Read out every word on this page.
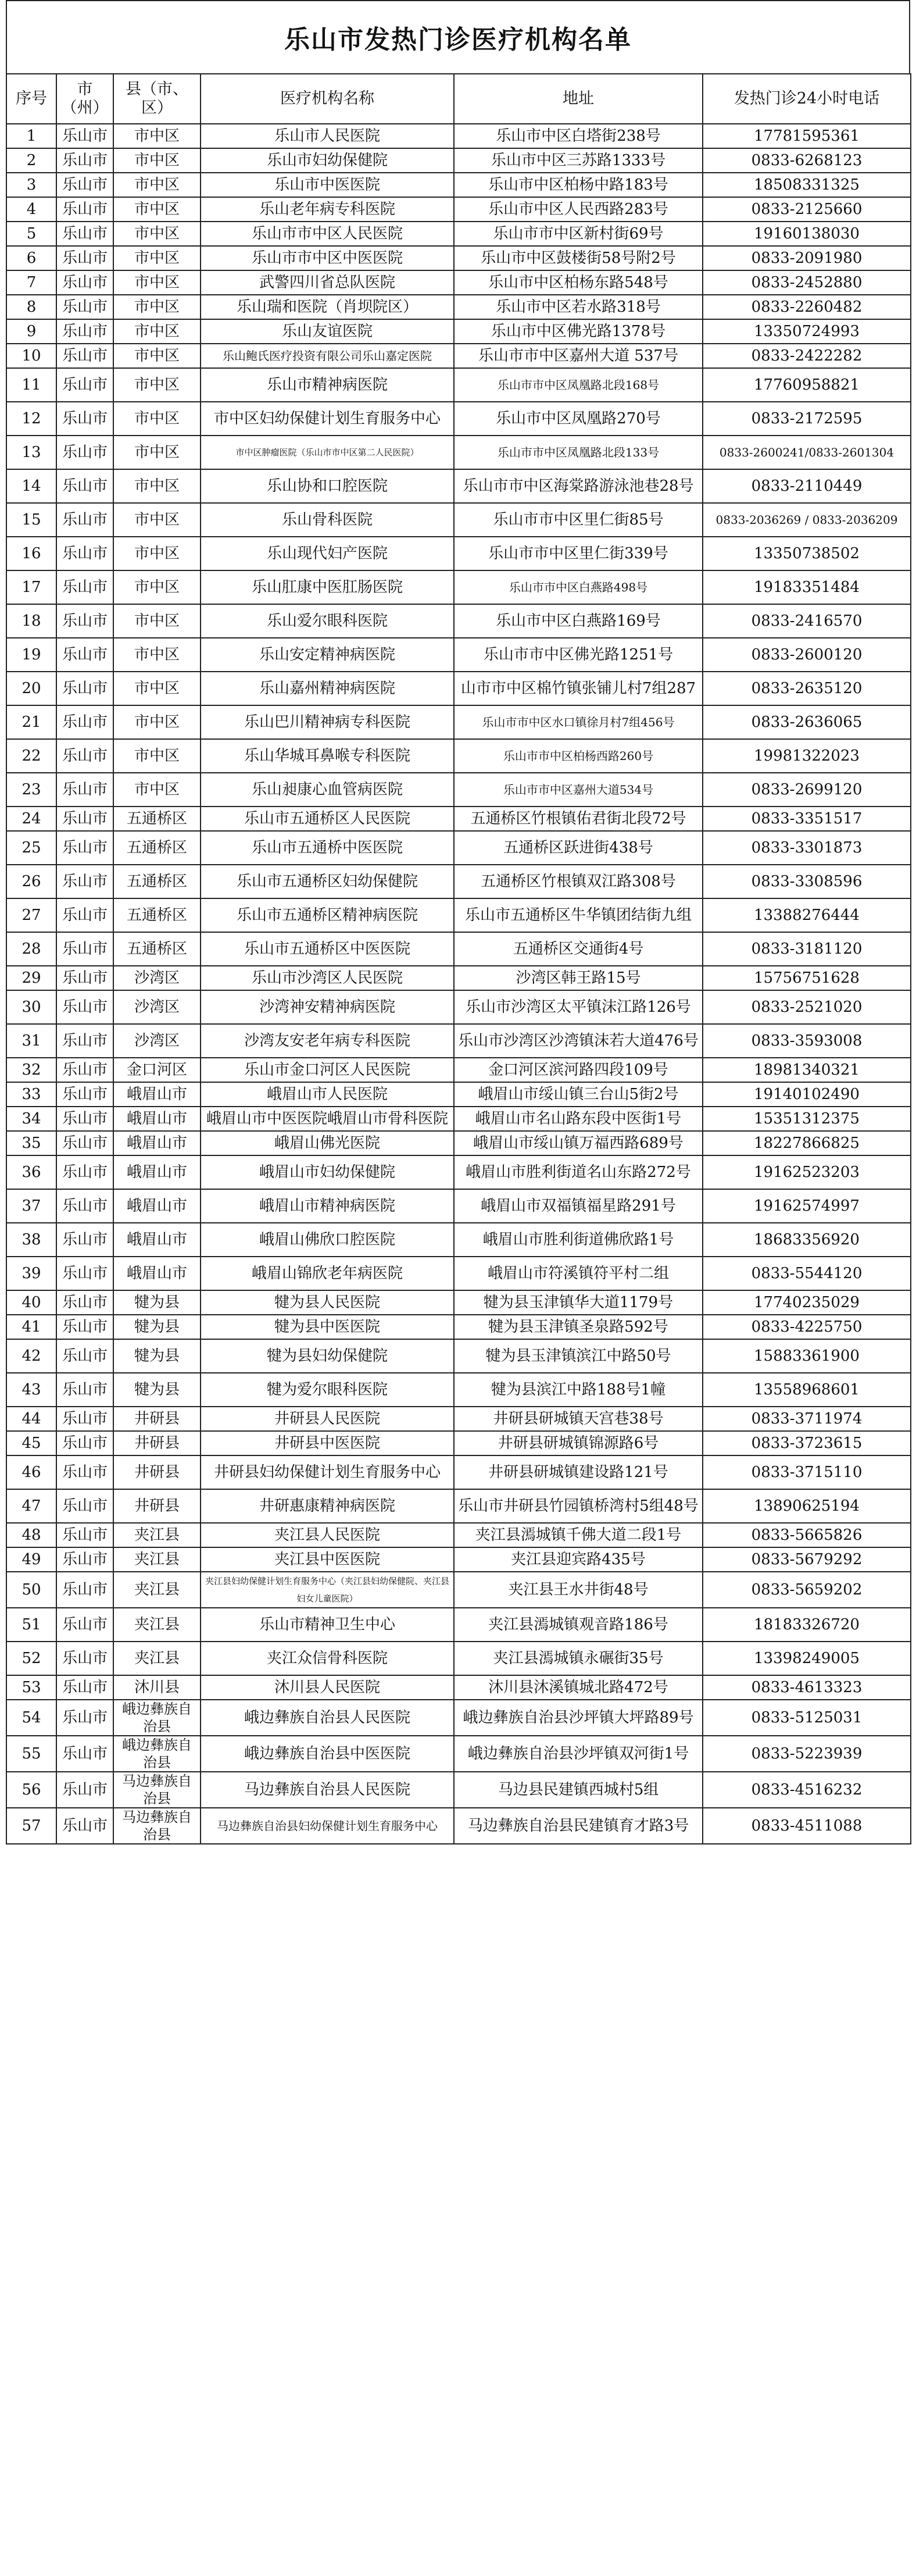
乐山市发热门诊医疗机构名单
序号	市（州）	县（市、区）	医疗机构名称	地址	发热门诊24小时电话
1	乐山市	市中区	乐山市人民医院	乐山市中区白塔街238号	17781595361
2	乐山市	市中区	乐山市妇幼保健院	乐山市中区三苏路1333号	0833-6268123
3	乐山市	市中区	乐山市中医医院	乐山市中区柏杨中路183号	18508331325
4	乐山市	市中区	乐山老年病专科医院	乐山市中区人民西路283号	0833-2125660
5	乐山市	市中区	乐山市市中区人民医院	乐山市市中区新村街69号	19160138030
6	乐山市	市中区	乐山市市中区中医医院	乐山市中区鼓楼街58号附2号	0833-2091980
7	乐山市	市中区	武警四川省总队医院	乐山市中区柏杨东路548号	0833-2452880
8	乐山市	市中区	乐山瑞和医院（肖坝院区）	乐山市中区若水路318号	0833-2260482
9	乐山市	市中区	乐山友谊医院	乐山市中区佛光路1378号	13350724993
10	乐山市	市中区	乐山鲍氏医疗投资有限公司乐山嘉定医院	乐山市市中区嘉州大道 537号	0833-2422282
11	乐山市	市中区	乐山市精神病医院	乐山市市中区凤凰路北段168号	17760958821
12	乐山市	市中区	市中区妇幼保健计划生育服务中心	乐山市中区凤凰路270号	0833-2172595
13	乐山市	市中区	市中区肿瘤医院（乐山市市中区第二人民医院）	乐山市市中区凤凰路北段133号	0833-2600241/0833-2601304
14	乐山市	市中区	乐山协和口腔医院	乐山市市中区海棠路游泳池巷28号	0833-2110449
15	乐山市	市中区	乐山骨科医院	乐山市市中区里仁街85号	0833-2036269 / 0833-2036209
16	乐山市	市中区	乐山现代妇产医院	乐山市市中区里仁街339号	13350738502
17	乐山市	市中区	乐山肛康中医肛肠医院	乐山市市中区白燕路498号	19183351484
18	乐山市	市中区	乐山爱尔眼科医院	乐山市中区白燕路169号	0833-2416570
19	乐山市	市中区	乐山安定精神病医院	乐山市市中区佛光路1251号	0833-2600120
20	乐山市	市中区	乐山嘉州精神病医院	山市市中区棉竹镇张铺儿村7组287	0833-2635120
21	乐山市	市中区	乐山巴川精神病专科医院	乐山市市中区水口镇徐月村7组456号	0833-2636065
22	乐山市	市中区	乐山华城耳鼻喉专科医院	乐山市市中区柏杨西路260号	19981322023
23	乐山市	市中区	乐山昶康心血管病医院	乐山市市中区嘉州大道534号	0833-2699120
24	乐山市	五通桥区	乐山市五通桥区人民医院	五通桥区竹根镇佑君街北段72号	0833-3351517
25	乐山市	五通桥区	乐山市五通桥中医医院	五通桥区跃进街438号	0833-3301873
26	乐山市	五通桥区	乐山市五通桥区妇幼保健院	五通桥区竹根镇双江路308号	0833-3308596
27	乐山市	五通桥区	乐山市五通桥区精神病医院	乐山市五通桥区牛华镇团结街九组	13388276444
28	乐山市	五通桥区	乐山市五通桥区中医医院	五通桥区交通街4号	0833-3181120
29	乐山市	沙湾区	乐山市沙湾区人民医院	沙湾区韩王路15号	15756751628
30	乐山市	沙湾区	沙湾神安精神病医院	乐山市沙湾区太平镇沫江路126号	0833-2521020
31	乐山市	沙湾区	沙湾友安老年病专科医院	乐山市沙湾区沙湾镇沫若大道476号	0833-3593008
32	乐山市	金口河区	乐山市金口河区人民医院	金口河区滨河路四段109号	18981340321
33	乐山市	峨眉山市	峨眉山市人民医院	峨眉山市绥山镇三台山5街2号	19140102490
34	乐山市	峨眉山市	峨眉山市中医医院峨眉山市骨科医院	峨眉山市名山路东段中医街1号	15351312375
35	乐山市	峨眉山市	峨眉山佛光医院	峨眉山市绥山镇万福西路689号	18227866825
36	乐山市	峨眉山市	峨眉山市妇幼保健院	峨眉山市胜利街道名山东路272号	19162523203
37	乐山市	峨眉山市	峨眉山市精神病医院	峨眉山市双福镇福星路291号	19162574997
38	乐山市	峨眉山市	峨眉山佛欣口腔医院	峨眉山市胜利街道佛欣路1号	18683356920
39	乐山市	峨眉山市	峨眉山锦欣老年病医院	峨眉山市符溪镇符平村二组	0833-5544120
40	乐山市	犍为县	犍为县人民医院	犍为县玉津镇华大道1179号	17740235029
41	乐山市	犍为县	犍为县中医医院	犍为县玉津镇圣泉路592号	0833-4225750
42	乐山市	犍为县	犍为县妇幼保健院	犍为县玉津镇滨江中路50号	15883361900
43	乐山市	犍为县	犍为爱尔眼科医院	犍为县滨江中路188号1幢	13558968601
44	乐山市	井研县	井研县人民医院	井研县研城镇天宫巷38号	0833-3711974
45	乐山市	井研县	井研县中医医院	井研县研城镇锦源路6号	0833-3723615
46	乐山市	井研县	井研县妇幼保健计划生育服务中心	井研县研城镇建设路121号	0833-3715110
47	乐山市	井研县	井研惠康精神病医院	乐山市井研县竹园镇桥湾村5组48号	13890625194
48	乐山市	夹江县	夹江县人民医院	夹江县漹城镇千佛大道二段1号	0833-5665826
49	乐山市	夹江县	夹江县中医医院	夹江县迎宾路435号	0833-5679292
50	乐山市	夹江县	夹江县妇幼保健计划生育服务中心（夹江县妇幼保健院、夹江县妇女儿童医院）	夹江县王水井街48号	0833-5659202
51	乐山市	夹江县	乐山市精神卫生中心	夹江县漹城镇观音路186号	18183326720
52	乐山市	夹江县	夹江众信骨科医院	夹江县漹城镇永碾街35号	13398249005
53	乐山市	沐川县	沐川县人民医院	沐川县沐溪镇城北路472号	0833-4613323
54	乐山市	峨边彝族自治县	峨边彝族自治县人民医院	峨边彝族自治县沙坪镇大坪路89号	0833-5125031
55	乐山市	峨边彝族自治县	峨边彝族自治县中医医院	峨边彝族自治县沙坪镇双河街1号	0833-5223939
56	乐山市	马边彝族自治县	马边彝族自治县人民医院	马边县民建镇西城村5组	0833-4516232
57	乐山市	马边彝族自治县	马边彝族自治县妇幼保健计划生育服务中心	马边彝族自治县民建镇育才路3号	0833-4511088
